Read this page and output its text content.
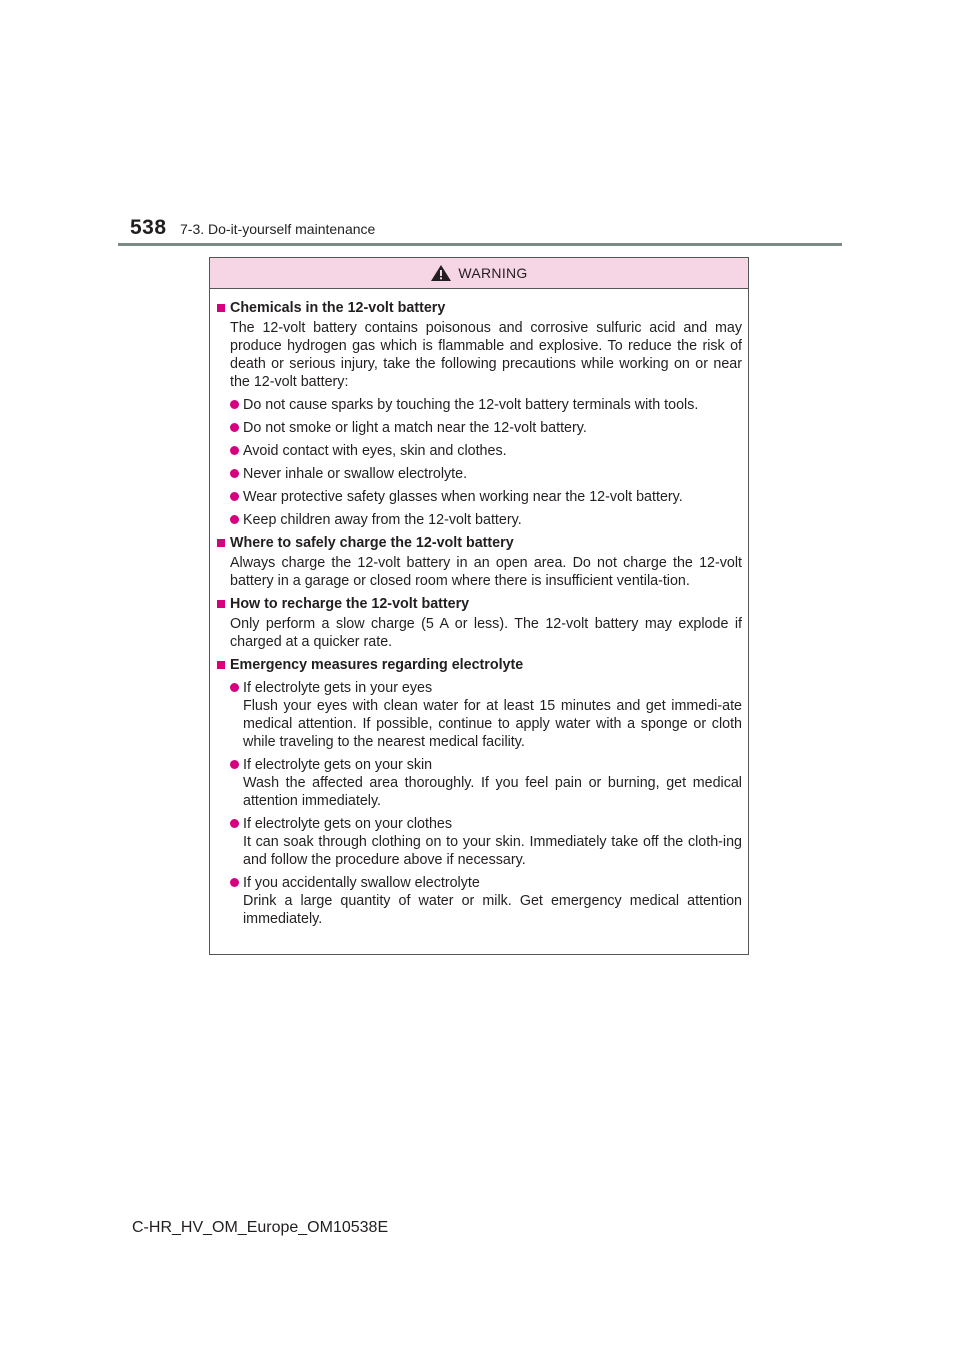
538 7-3. Do-it-yourself maintenance
WARNING
Chemicals in the 12-volt battery
The 12-volt battery contains poisonous and corrosive sulfuric acid and may produce hydrogen gas which is flammable and explosive. To reduce the risk of death or serious injury, take the following precautions while working on or near the 12-volt battery:
Do not cause sparks by touching the 12-volt battery terminals with tools.
Do not smoke or light a match near the 12-volt battery.
Avoid contact with eyes, skin and clothes.
Never inhale or swallow electrolyte.
Wear protective safety glasses when working near the 12-volt battery.
Keep children away from the 12-volt battery.
Where to safely charge the 12-volt battery
Always charge the 12-volt battery in an open area. Do not charge the 12-volt battery in a garage or closed room where there is insufficient ventila-tion.
How to recharge the 12-volt battery
Only perform a slow charge (5 A or less). The 12-volt battery may explode if charged at a quicker rate.
Emergency measures regarding electrolyte
If electrolyte gets in your eyes
Flush your eyes with clean water for at least 15 minutes and get immedi-ate medical attention. If possible, continue to apply water with a sponge or cloth while traveling to the nearest medical facility.
If electrolyte gets on your skin
Wash the affected area thoroughly. If you feel pain or burning, get medical attention immediately.
If electrolyte gets on your clothes
It can soak through clothing on to your skin. Immediately take off the cloth-ing and follow the procedure above if necessary.
If you accidentally swallow electrolyte
Drink a large quantity of water or milk. Get emergency medical attention immediately.
C-HR_HV_OM_Europe_OM10538E
